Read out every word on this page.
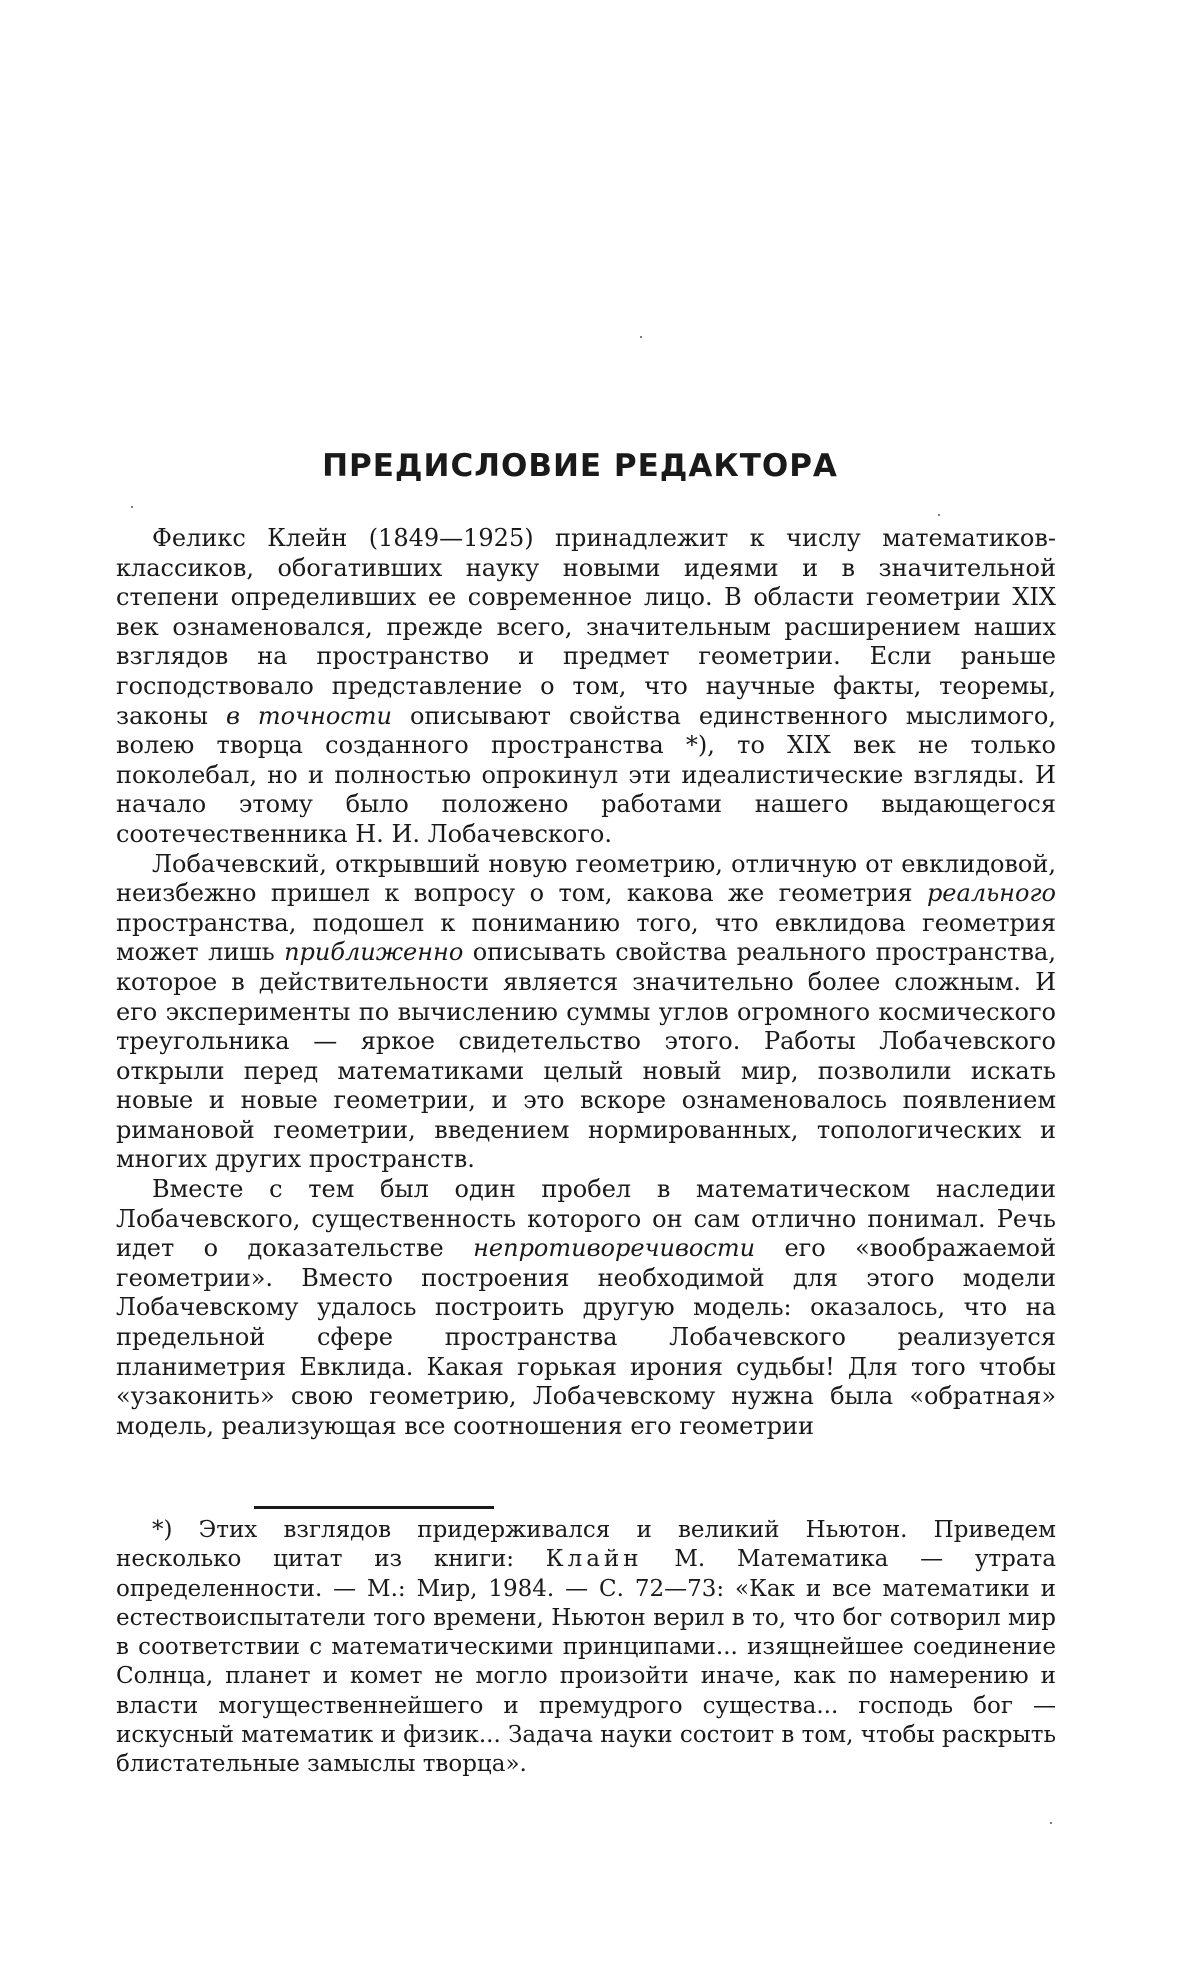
ПРЕДИСЛОВИЕ РЕДАКТОРА

Феликс Клейн (1849—1925) принадлежит к числу математиков-классиков, обогативших науку новыми идеями и в значительной степени определивших ее современное лицо. В области геометрии XIX век ознаменовался, прежде всего, значительным расширением наших взглядов на пространство и предмет геометрии. Если раньше господствовало представление о том, что научные факты, теоремы, законы в точности описывают свойства единственного мыслимого, волею творца созданного пространства *), то XIX век не только поколебал, но и полностью опрокинул эти идеалистические взгляды. И начало этому было положено работами нашего выдающегося соотечественника Н. И. Лобачевского.

Лобачевский, открывший новую геометрию, отличную от евклидовой, неизбежно пришел к вопросу о том, какова же геометрия реального пространства, подошел к пониманию того, что евклидова геометрия может лишь приближенно описывать свойства реального пространства, которое в действительности является значительно более сложным. И его эксперименты по вычислению суммы углов огромного космического треугольника — яркое свидетельство этого. Работы Лобачевского открыли перед математиками целый новый мир, позволили искать новые и новые геометрии, и это вскоре ознаменовалось появлением римановой геометрии, введением нормированных, топологических и многих других пространств.

Вместе с тем был один пробел в математическом наследии Лобачевского, существенность которого он сам отлично понимал. Речь идет о доказательстве непротиворечивости его «воображаемой геометрии». Вместо построения необходимой для этого модели Лобачевскому удалось построить другую модель: оказалось, что на предельной сфере пространства Лобачевского реализуется планиметрия Евклида. Какая горькая ирония судьбы! Для того чтобы «узаконить» свою геометрию, Лобачевскому нужна была «обратная» модель, реализующая все соотношения его геометрии

*) Этих взглядов придерживался и великий Ньютон. Приведем несколько цитат из книги: Клайн М. Математика — утрата определенности. — М.: Мир, 1984. — С. 72—73: «Как и все математики и естествоиспытатели того времени, Ньютон верил в то, что бог сотворил мир в соответствии с математическими принципами... изящнейшее соединение Солнца, планет и комет не могло произойти иначе, как по намерению и власти могущественнейшего и премудрого существа... господь бог — искусный математик и физик... Задача науки состоит в том, чтобы раскрыть блистательные замыслы творца».
